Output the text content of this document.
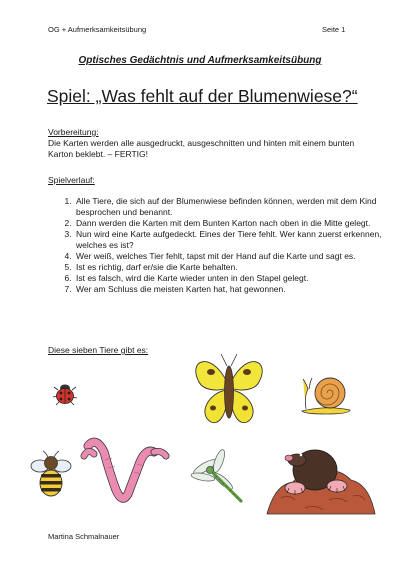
OG + Aufmerksamkeitsübung	Seite 1
Optisches Gedächtnis und Aufmerksamkeitsübung
Spiel: „Was fehlt auf der Blumenwiese?“
Vorbereitung:
Die Karten werden alle ausgedruckt, ausgeschnitten und hinten mit einem bunten Karton beklebt. – FERTIG!
Spielverlauf:
1. Alle Tiere, die sich auf der Blumenwiese befinden können, werden mit dem Kind besprochen und benannt.
2. Dann werden die Karten mit dem Bunten Karton nach oben in die Mitte gelegt.
3. Nun wird eine Karte aufgedeckt. Eines der Tiere fehlt. Wer kann zuerst erkennen, welches es ist?
4. Wer weiß, welches Tier fehlt, tapst mit der Hand auf die Karte und sagt es.
5. Ist es richtig, darf er/sie die Karte behalten.
6. Ist es falsch, wird die Karte wieder unten in den Stapel gelegt.
7. Wer am Schluss die meisten Karten hat, hat gewonnen.
Diese sieben Tiere gibt es:
Martina Schmalnauer
